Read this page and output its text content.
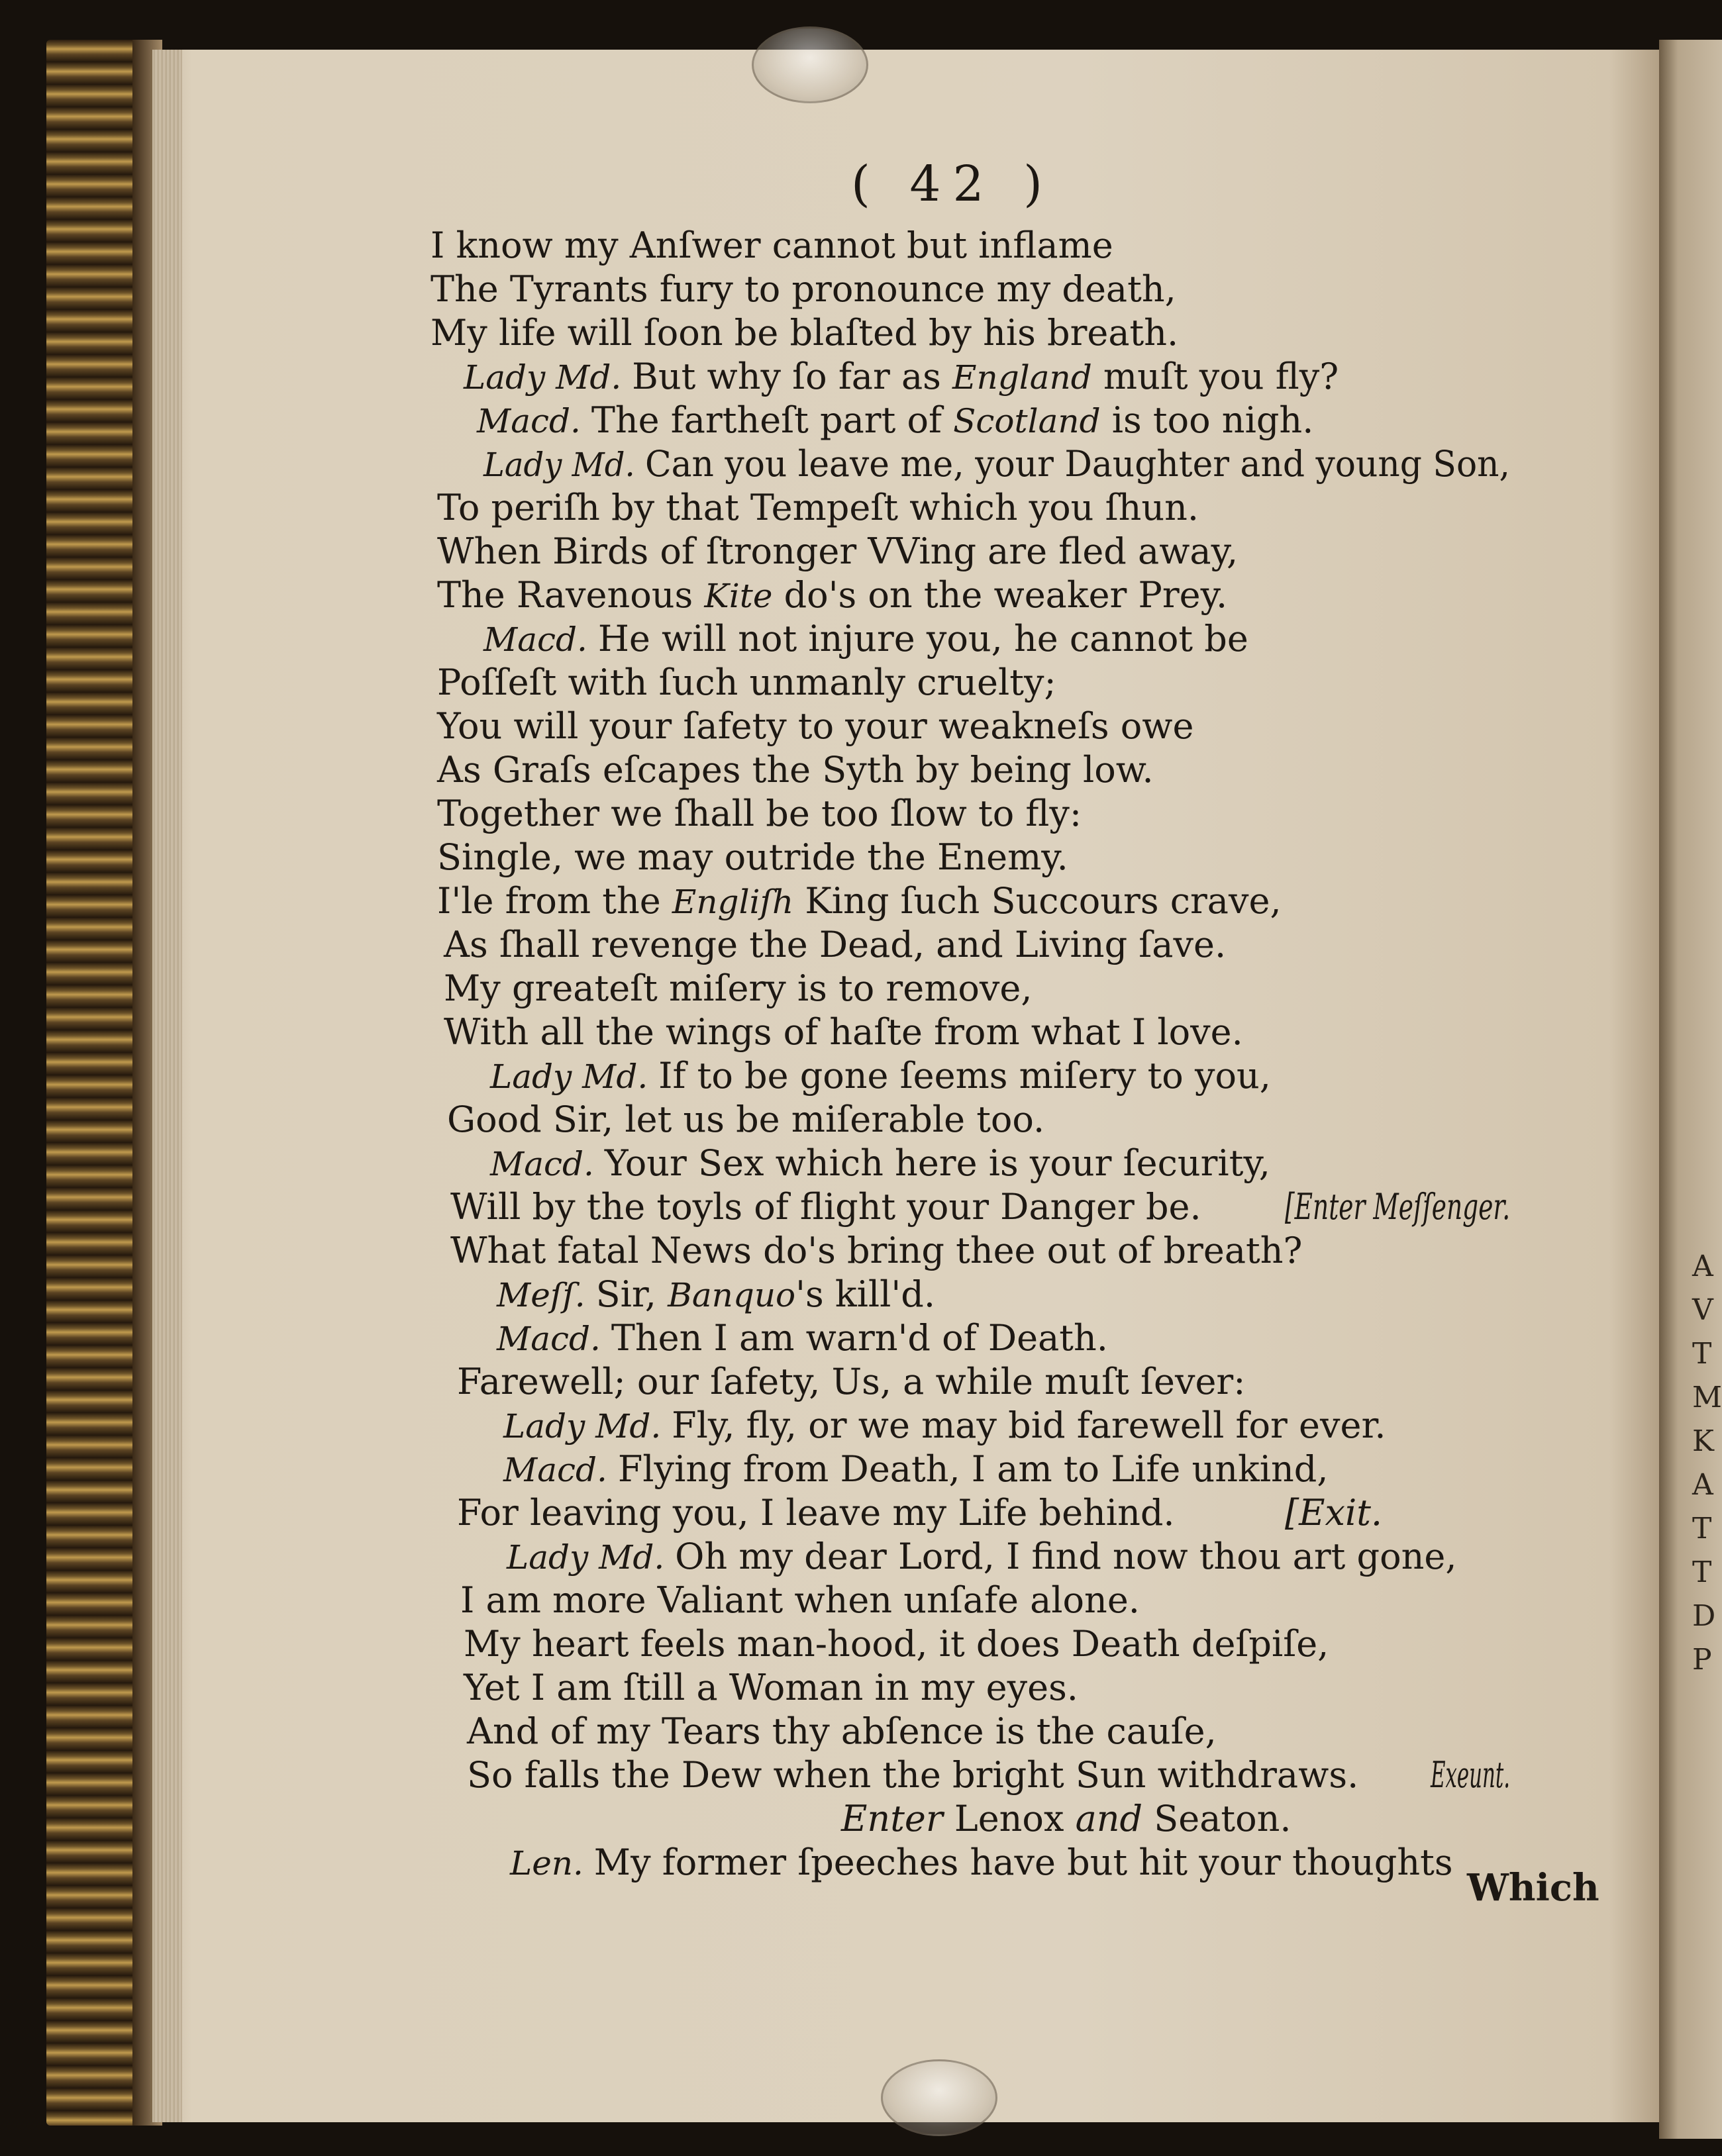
( 42 )
I know my Anſwer cannot but inflame
The Tyrants fury to pronounce my death,
My life will ſoon be blaſted by his breath.
Lady Md. But why ſo far as England muſt you fly?
Macd. The fartheſt part of Scotland is too nigh.
Lady Md. Can you leave me, your Daughter and young Son,
To periſh by that Tempeſt which you ſhun.
When Birds of ſtronger VVing are fled away,
The Ravenous Kite do's on the weaker Prey.
Macd. He will not injure you, he cannot be
Poſſeſt with ſuch unmanly cruelty;
You will your ſafety to your weakneſs owe
As Graſs eſcapes the Syth by being low.
Together we ſhall be too ſlow to fly:
Single, we may outride the Enemy.
I'le from the Engliſh King ſuch Succours crave,
As ſhall revenge the Dead, and Living ſave.
My greateſt miſery is to remove,
With all the wings of haſte from what I love.
Lady Md. If to be gone ſeems miſery to you,
Good Sir, let us be miſerable too.
Macd. Your Sex which here is your ſecurity,
Will by the toyls of flight your Danger be. [Enter Meſſenger.
What fatal News do's bring thee out of breath?
Meſſ. Sir, Banquo's kill'd.
Macd. Then I am warn'd of Death.
Farewell; our ſafety, Us, a while muſt ſever:
Lady Md. Fly, fly, or we may bid farewell for ever.
Macd. Flying from Death, I am to Life unkind,
For leaving you, I leave my Life behind.	[Exit.
Lady Md. Oh my dear Lord, I find now thou art gone,
I am more Valiant when unſafe alone.
My heart feels man-hood, it does Death deſpiſe,
Yet I am ſtill a Woman in my eyes.
And of my Tears thy abſence is the cauſe,
So falls the Dew when the bright Sun withdraws. Exeunt.
Enter Lenox and Seaton.
Len. My former ſpeeches have but hit your thoughts
Which
A
V
T
M
K
A
T
T
D
P
